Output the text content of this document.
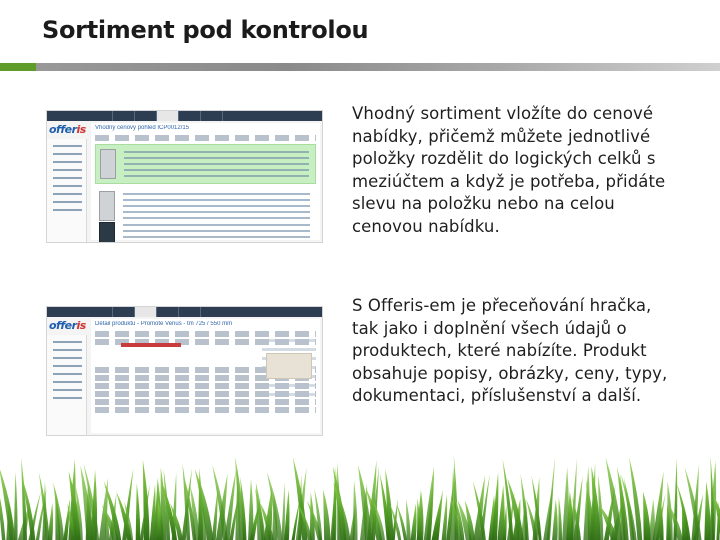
Sortiment pod kontrolou
offeris Vhodný cenový pohled ICP0012/15
offeris Detail produktu - Promote Venus - tm 725 / 550 mm

Vhodný sortiment vložíte do cenové nabídky, přičemž můžete jednotlivé položky rozdělit do logických celků s meziúčtem a když je potřeba, přidáte slevu na položku nebo na celou cenovou nabídku.

S Offeris-em je přeceňování hračka, tak jako i doplnění všech údajů o produktech, které nabízíte. Produkt obsahuje popisy, obrázky, ceny, typy, dokumentaci, příslušenství a další.
